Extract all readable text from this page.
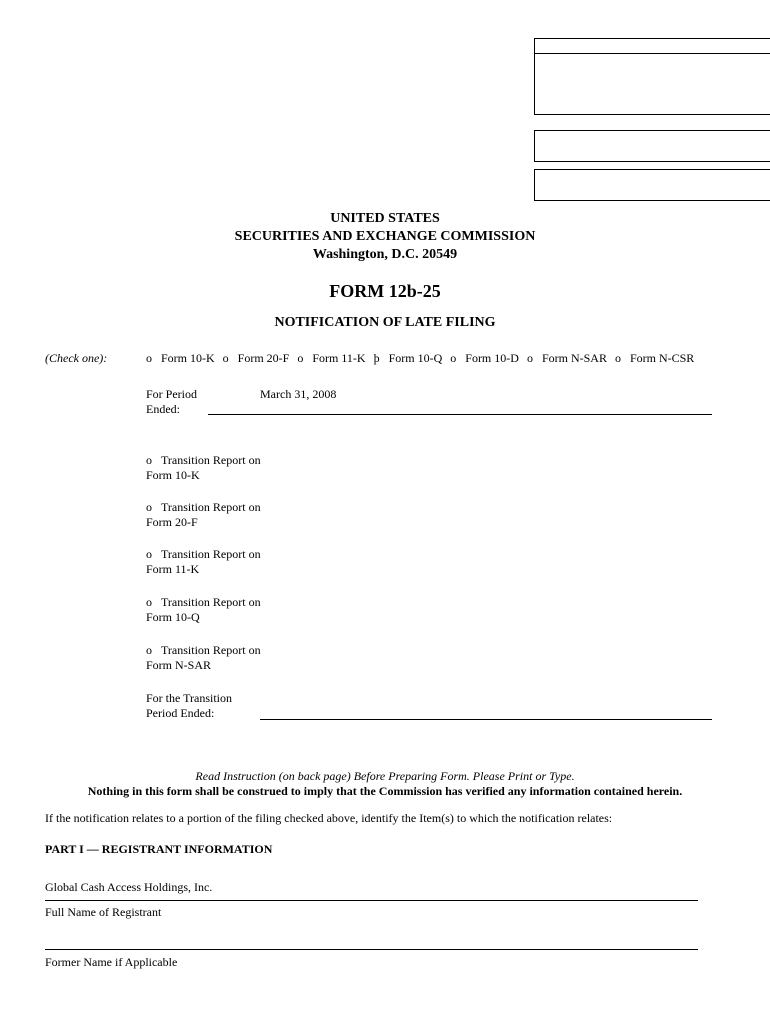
UNITED STATES
SECURITIES AND EXCHANGE COMMISSION
Washington, D.C. 20549
FORM 12b-25
NOTIFICATION OF LATE FILING
(Check one):	o Form 10-K o Form 20-F o Form 11-K þ Form 10-Q o Form 10-D o Form N-SAR o Form N-CSR
For Period
Ended:
March 31, 2008
o Transition Report on
Form 10-K
o Transition Report on
Form 20-F
o Transition Report on
Form 11-K
o Transition Report on
Form 10-Q
o Transition Report on
Form N-SAR
For the Transition
Period Ended:
Read Instruction (on back page) Before Preparing Form. Please Print or Type.
Nothing in this form shall be construed to imply that the Commission has verified any information contained herein.
If the notification relates to a portion of the filing checked above, identify the Item(s) to which the notification relates:
PART I — REGISTRANT INFORMATION
Global Cash Access Holdings, Inc.
Full Name of Registrant
Former Name if Applicable
